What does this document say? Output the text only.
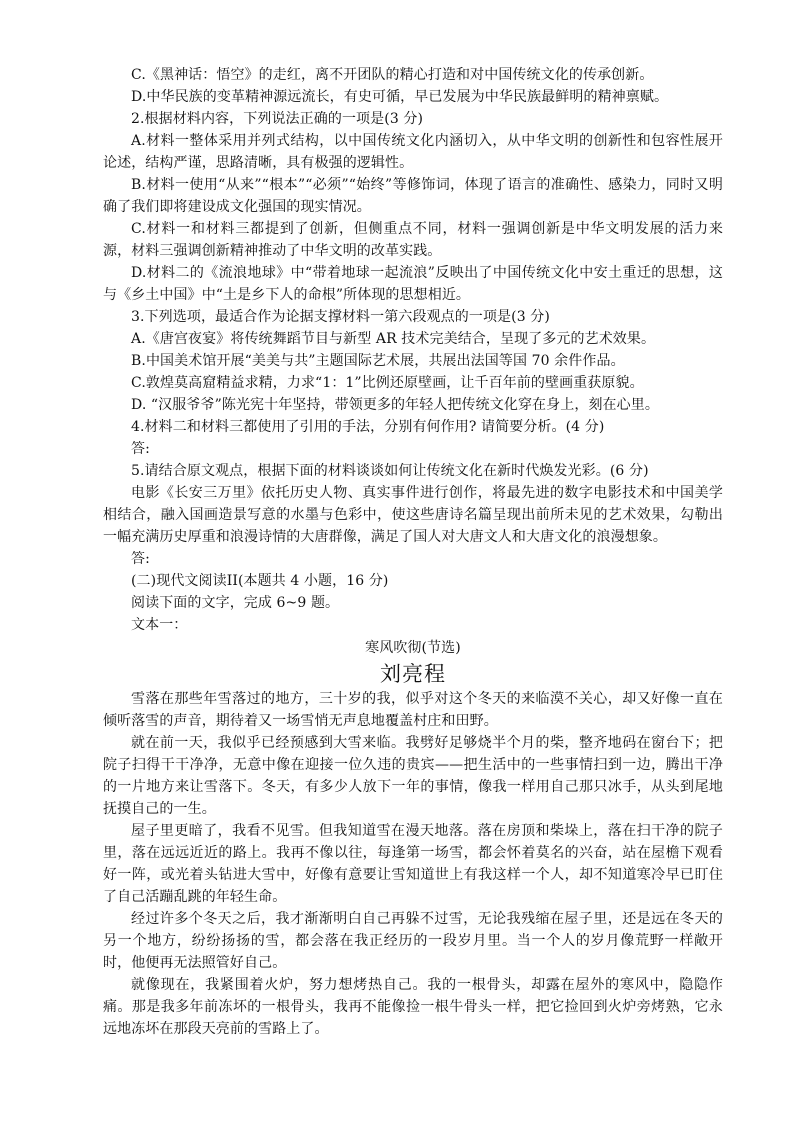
C.《黑神话：悟空》的走红，离不开团队的精心打造和对中国传统文化的传承创新。

D.中华民族的变革精神源远流长，有史可循，早已发展为中华民族最鲜明的精神禀赋。

2.根据材料内容，下列说法正确的一项是(3 分)

A.材料一整体采用并列式结构，以中国传统文化内涵切入，从中华文明的创新性和包容性展开论述，结构严谨，思路清晰，具有极强的逻辑性。

B.材料一使用“从来”“根本”“必须”“始终”等修饰词，体现了语言的准确性、感染力，同时又明确了我们即将建设成文化强国的现实情况。

C.材料一和材料三都提到了创新，但侧重点不同，材料一强调创新是中华文明发展的活力来源，材料三强调创新精神推动了中华文明的改革实践。

D.材料二的《流浪地球》中“带着地球一起流浪”反映出了中国传统文化中安土重迁的思想，这与《乡土中国》中“土是乡下人的命根”所体现的思想相近。

3.下列选项，最适合作为论据支撑材料一第六段观点的一项是(3 分)

A.《唐宫夜宴》将传统舞蹈节目与新型 AR 技术完美结合，呈现了多元的艺术效果。

B.中国美术馆开展“美美与共”主题国际艺术展，共展出法国等国 70 余件作品。

C.敦煌莫高窟精益求精，力求“1：1”比例还原壁画，让千百年前的壁画重获原貌。

D. “汉服爷爷”陈光宪十年坚持，带领更多的年轻人把传统文化穿在身上，刻在心里。

4.材料二和材料三都使用了引用的手法，分别有何作用? 请简要分析。(4 分)

答:

5.请结合原文观点，根据下面的材料谈谈如何让传统文化在新时代焕发光彩。(6 分)

电影《长安三万里》依托历史人物、真实事件进行创作，将最先进的数字电影技术和中国美学相结合，融入国画造景写意的水墨与色彩中，使这些唐诗名篇呈现出前所未见的艺术效果，勾勒出一幅充满历史厚重和浪漫诗情的大唐群像，满足了国人对大唐文人和大唐文化的浪漫想象。

答:

(二)现代文阅读II(本题共 4 小题，16 分)

阅读下面的文字，完成 6~9 题。

文本一：

寒风吹彻(节选)

刘亮程

雪落在那些年雪落过的地方，三十岁的我，似乎对这个冬天的来临漠不关心，却又好像一直在倾听落雪的声音，期待着又一场雪悄无声息地覆盖村庄和田野。

就在前一天，我似乎已经预感到大雪来临。我劈好足够烧半个月的柴，整齐地码在窗台下；把院子扫得干干净净，无意中像在迎接一位久违的贵宾——把生活中的一些事情扫到一边，腾出干净的一片地方来让雪落下。冬天，有多少人放下一年的事情，像我一样用自己那只冰手，从头到尾地抚摸自己的一生。

屋子里更暗了，我看不见雪。但我知道雪在漫天地落。落在房顶和柴垛上，落在扫干净的院子里，落在远远近近的路上。我再不像以往，每逢第一场雪，都会怀着莫名的兴奋，站在屋檐下观看好一阵，或光着头钻进大雪中，好像有意要让雪知道世上有我这样一个人，却不知道寒冷早已盯住了自己活蹦乱跳的年轻生命。

经过许多个冬天之后，我才渐渐明白自己再躲不过雪，无论我残缩在屋子里，还是远在冬天的另一个地方，纷纷扬扬的雪，都会落在我正经历的一段岁月里。当一个人的岁月像荒野一样敞开时，他便再无法照管好自己。

就像现在，我紧围着火炉，努力想烤热自己。我的一根骨头，却露在屋外的寒风中，隐隐作痛。那是我多年前冻坏的一根骨头，我再不能像捡一根牛骨头一样，把它捡回到火炉旁烤熟，它永远地冻坏在那段天亮前的雪路上了。
